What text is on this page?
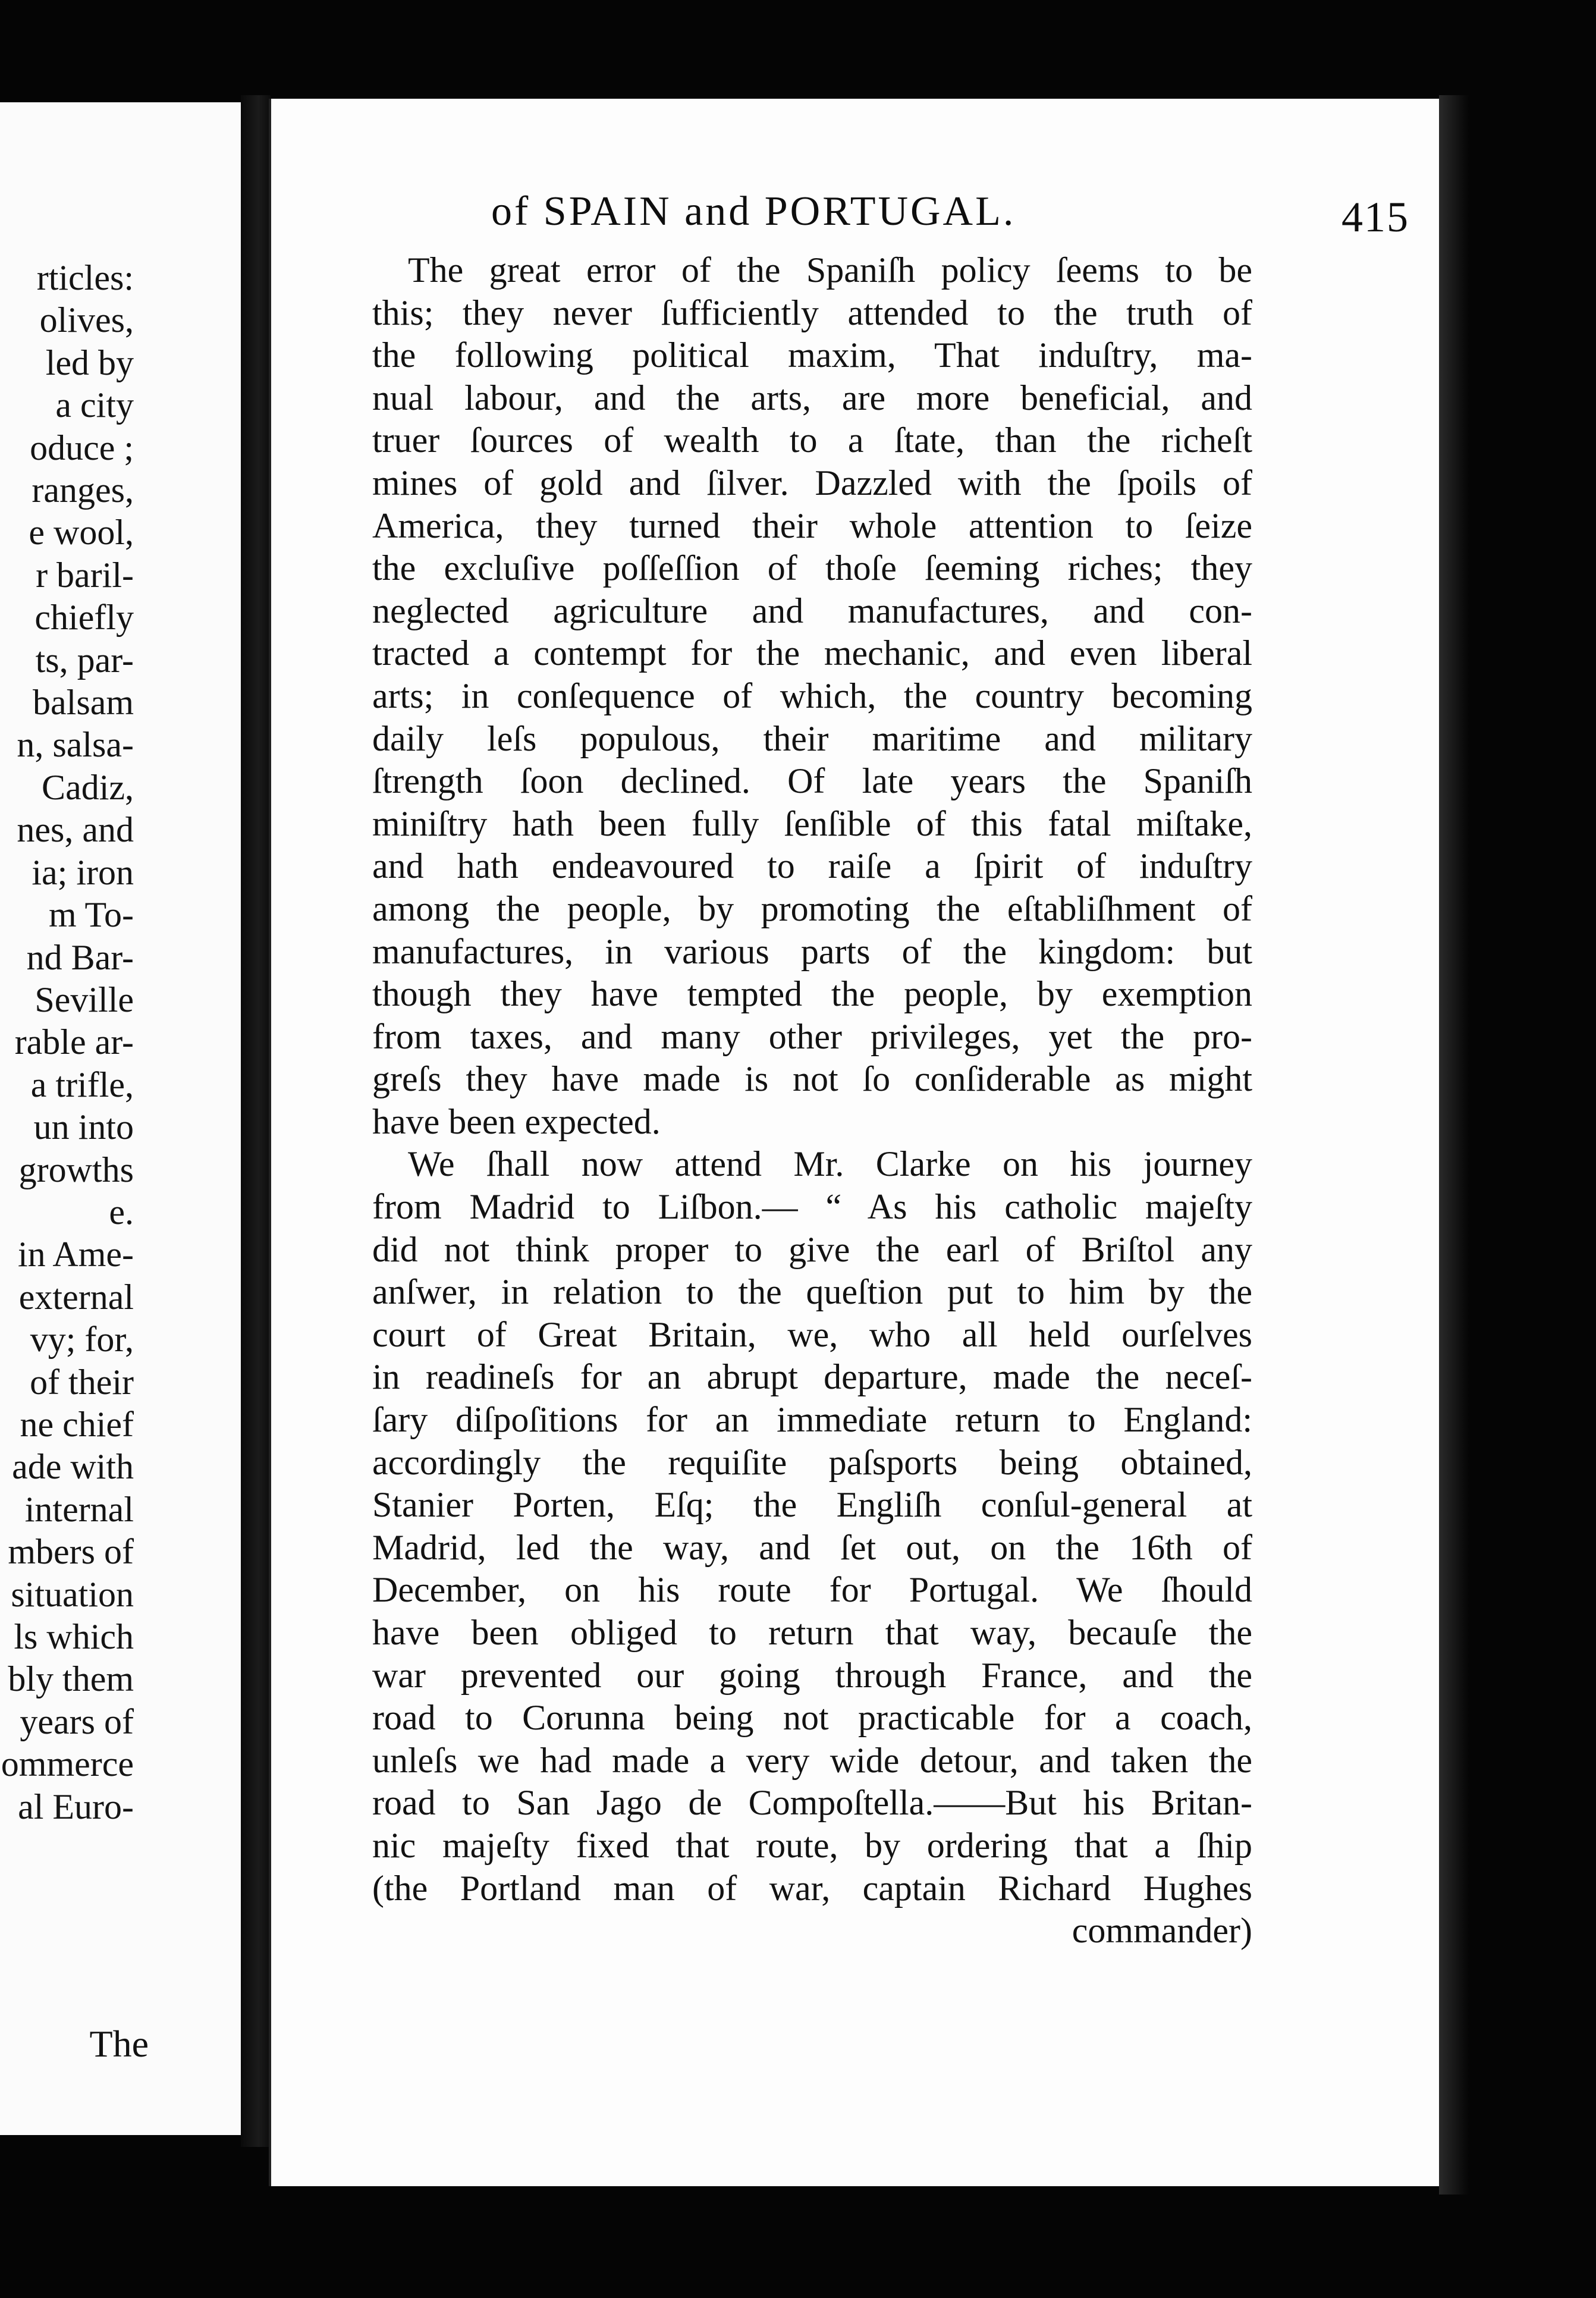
rticles:
olives,
led by
a city
oduce ;
ranges,
e wool,
r baril-
chiefly
ts, par-
balsam
n, salsa-
Cadiz,
nes, and
ia; iron
m To-
nd Bar-
Seville
rable ar-
a trifle,
un into
growths
e.
in Ame-
external
vy; for,
of their
ne chief
ade with
internal
mbers of
situation
ls which
bly them
years of
ommerce
al Euro-
The
of SPAIN and PORTUGAL.	415
The great error of the Spaniſh policy ſeems to be
this; they never ſufficiently attended to the truth of
the following political maxim, That induſtry, ma-
nual labour, and the arts, are more beneficial, and
truer ſources of wealth to a ſtate, than the richeſt
mines of gold and ſilver. Dazzled with the ſpoils of
America, they turned their whole attention to ſeize
the excluſive poſſeſſion of thoſe ſeeming riches; they
neglected agriculture and manufactures, and con-
tracted a contempt for the mechanic, and even liberal
arts; in conſequence of which, the country becoming
daily leſs populous, their maritime and military
ſtrength ſoon declined. Of late years the Spaniſh
miniſtry hath been fully ſenſible of this fatal miſtake,
and hath endeavoured to raiſe a ſpirit of induſtry
among the people, by promoting the eſtabliſhment of
manufactures, in various parts of the kingdom: but
though they have tempted the people, by exemption
from taxes, and many other privileges, yet the pro-
greſs they have made is not ſo conſiderable as might
have been expected.
We ſhall now attend Mr. Clarke on his journey
from Madrid to Liſbon.— “ As his catholic majeſty
did not think proper to give the earl of Briſtol any
anſwer, in relation to the queſtion put to him by the
court of Great Britain, we, who all held ourſelves
in readineſs for an abrupt departure, made the neceſ-
ſary diſpoſitions for an immediate return to England:
accordingly the requiſite paſsports being obtained,
Stanier Porten, Eſq; the Engliſh conſul-general at
Madrid, led the way, and ſet out, on the 16th of
December, on his route for Portugal. We ſhould
have been obliged to return that way, becauſe the
war prevented our going through France, and the
road to Corunna being not practicable for a coach,
unleſs we had made a very wide detour, and taken the
road to San Jago de Compoſtella.——But his Britan-
nic majeſty fixed that route, by ordering that a ſhip
(the Portland man of war, captain Richard Hughes
commander)
